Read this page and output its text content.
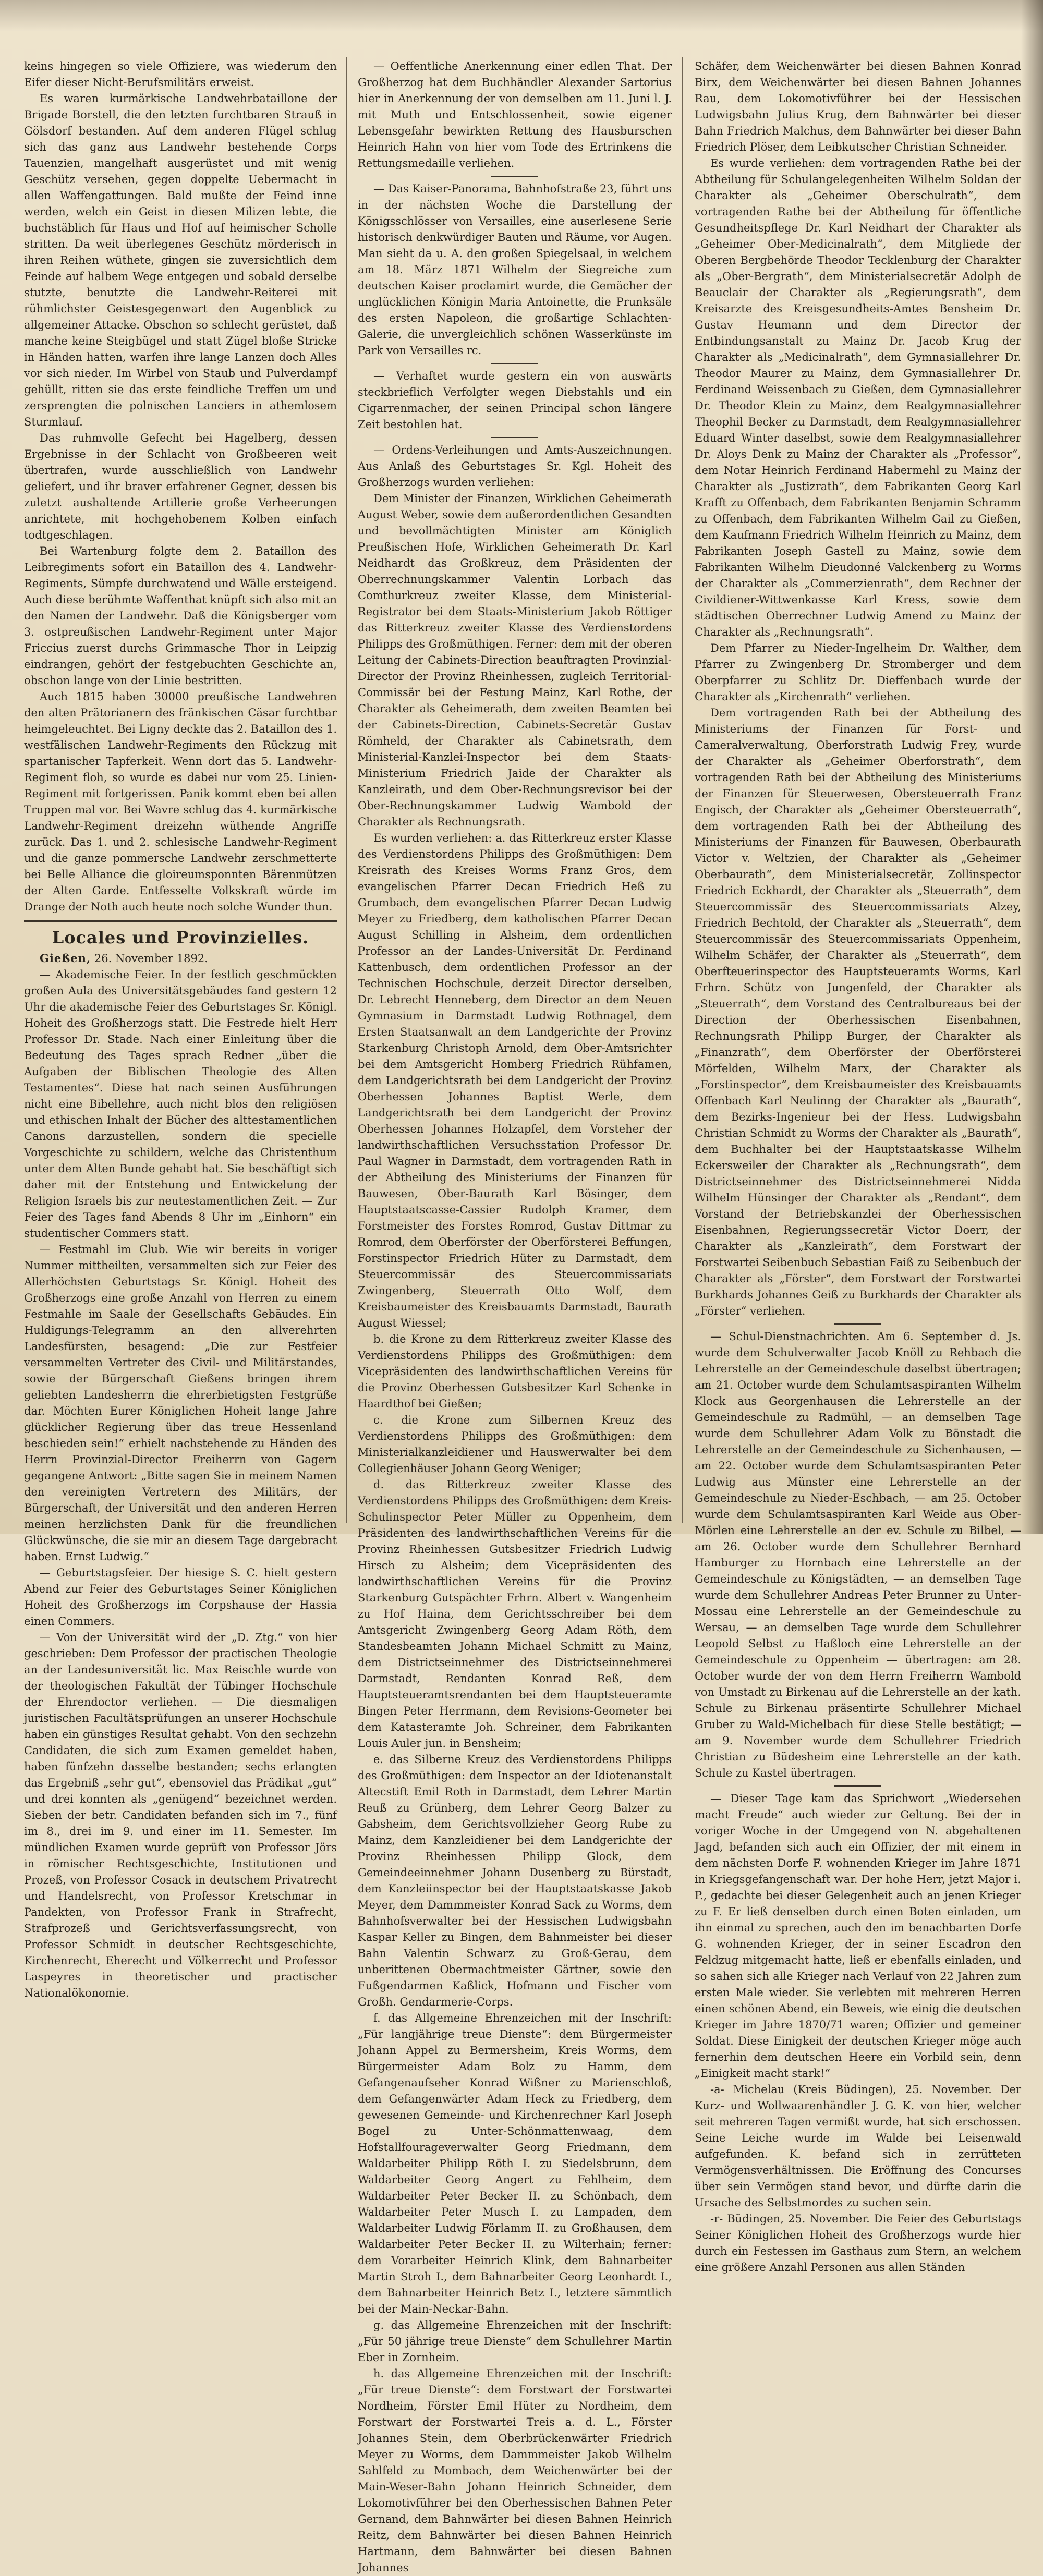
keins hingegen so viele Offiziere, was wiederum den Eifer dieser Nicht-Berufsmilitärs erweist.

Es waren kurmärkische Landwehrbataillone der Brigade Borstell, die den letzten furchtbaren Strauß in Gölsdorf bestanden. Auf dem anderen Flügel schlug sich das ganz aus Landwehr bestehende Corps Tauenzien, mangelhaft ausgerüstet und mit wenig Geschütz versehen, gegen doppelte Uebermacht in allen Waffengattungen. Bald mußte der Feind inne werden, welch ein Geist in diesen Milizen lebte, die buchstäblich für Haus und Hof auf heimischer Scholle stritten. Da weit überlegenes Geschütz mörderisch in ihren Reihen wüthete, gingen sie zuversichtlich dem Feinde auf halbem Wege entgegen und sobald derselbe stutzte, benutzte die Landwehr-Reiterei mit rühmlichster Geistesgegenwart den Augenblick zu allgemeiner Attacke. Obschon so schlecht gerüstet, daß manche keine Steigbügel und statt Zügel bloße Stricke in Händen hatten, warfen ihre lange Lanzen doch Alles vor sich nieder. Im Wirbel von Staub und Pulverdampf gehüllt, ritten sie das erste feindliche Treffen um und zersprengten die polnischen Lanciers in athemlosem Sturmlauf.

Das ruhmvolle Gefecht bei Hagelberg, dessen Ergebnisse in der Schlacht von Großbeeren weit übertrafen, wurde ausschließlich von Landwehr geliefert, und ihr braver erfahrener Gegner, dessen bis zuletzt aushaltende Artillerie große Verheerungen anrichtete, mit hochgehobenem Kolben einfach todtgeschlagen.

Bei Wartenburg folgte dem 2. Bataillon des Leibregiments sofort ein Bataillon des 4. Landwehr-Regiments, Sümpfe durchwatend und Wälle ersteigend. Auch diese berühmte Waffenthat knüpft sich also mit an den Namen der Landwehr. Daß die Königsberger vom 3. ostpreußischen Landwehr-Regiment unter Major Friccius zuerst durchs Grimmasche Thor in Leipzig eindrangen, gehört der festgebuchten Geschichte an, obschon lange von der Linie bestritten.

Auch 1815 haben 30000 preußische Landwehren den alten Prätorianern des fränkischen Cäsar furchtbar heimgeleuchtet. Bei Ligny deckte das 2. Bataillon des 1. westfälischen Landwehr-Regiments den Rückzug mit spartanischer Tapferkeit. Wenn dort das 5. Landwehr-Regiment floh, so wurde es dabei nur vom 25. Linien-Regiment mit fortgerissen. Panik kommt eben bei allen Truppen mal vor. Bei Wavre schlug das 4. kurmärkische Landwehr-Regiment dreizehn wüthende Angriffe zurück. Das 1. und 2. schlesische Landwehr-Regiment und die ganze pommersche Landwehr zerschmetterte bei Belle Alliance die gloireumsponnten Bärenmützen der Alten Garde. Entfesselte Volkskraft würde im Drange der Noth auch heute noch solche Wunder thun.

Locales und Provinzielles.

Gießen, 26. November 1892.

— Akademische Feier. In der festlich geschmückten großen Aula des Universitätsgebäudes fand gestern 12 Uhr die akademische Feier des Geburtstages Sr. Königl. Hoheit des Großherzogs statt. Die Festrede hielt Herr Professor Dr. Stade. Nach einer Einleitung über die Bedeutung des Tages sprach Redner „über die Aufgaben der Biblischen Theologie des Alten Testamentes“. Diese hat nach seinen Ausführungen nicht eine Bibellehre, auch nicht blos den religiösen und ethischen Inhalt der Bücher des alttestamentlichen Canons darzustellen, sondern die specielle Vorgeschichte zu schildern, welche das Christenthum unter dem Alten Bunde gehabt hat. Sie beschäftigt sich daher mit der Entstehung und Entwickelung der Religion Israels bis zur neutestamentlichen Zeit. — Zur Feier des Tages fand Abends 8 Uhr im „Einhorn“ ein studentischer Commers statt.

— Festmahl im Club. Wie wir bereits in voriger Nummer mittheilten, versammelten sich zur Feier des Allerhöchsten Geburtstags Sr. Königl. Hoheit des Großherzogs eine große Anzahl von Herren zu einem Festmahle im Saale der Gesellschafts Gebäudes. Ein Huldigungs-Telegramm an den allverehrten Landesfürsten, besagend: „Die zur Festfeier versammelten Vertreter des Civil- und Militärstandes, sowie der Bürgerschaft Gießens bringen ihrem geliebten Landesherrn die ehrerbietigsten Festgrüße dar. Möchten Eurer Königlichen Hoheit lange Jahre glücklicher Regierung über das treue Hessenland beschieden sein!“ erhielt nachstehende zu Händen des Herrn Provinzial-Director Freiherrn von Gagern gegangene Antwort: „Bitte sagen Sie in meinem Namen den vereinigten Vertretern des Militärs, der Bürgerschaft, der Universität und den anderen Herren meinen herzlichsten Dank für die freundlichen Glückwünsche, die sie mir an diesem Tage dargebracht haben. Ernst Ludwig.“

— Geburtstagsfeier. Der hiesige S. C. hielt gestern Abend zur Feier des Geburtstages Seiner Königlichen Hoheit des Großherzogs im Corpshause der Hassia einen Commers.

— Von der Universität wird der „D. Ztg.“ von hier geschrieben: Dem Professor der practischen Theologie an der Landesuniversität lic. Max Reischle wurde von der theologischen Fakultät der Tübinger Hochschule der Ehrendoctor verliehen. — Die diesmaligen juristischen Facultätsprüfungen an unserer Hochschule haben ein günstiges Resultat gehabt. Von den sechzehn Candidaten, die sich zum Examen gemeldet haben, haben fünfzehn dasselbe bestanden; sechs erlangten das Ergebniß „sehr gut“, ebensoviel das Prädikat „gut“ und drei konnten als „genügend“ bezeichnet werden. Sieben der betr. Candidaten befanden sich im 7., fünf im 8., drei im 9. und einer im 11. Semester. Im mündlichen Examen wurde geprüft von Professor Jörs in römischer Rechtsgeschichte, Institutionen und Prozeß, von Professor Cosack in deutschem Privatrecht und Handelsrecht, von Professor Kretschmar in Pandekten, von Professor Frank in Strafrecht, Strafprozeß und Gerichtsverfassungsrecht, von Professor Schmidt in deutscher Rechtsgeschichte, Kirchenrecht, Eherecht und Völkerrecht und Professor Laspeyres in theoretischer und practischer Nationalökonomie.

— Oeffentliche Anerkennung einer edlen That. Der Großherzog hat dem Buchhändler Alexander Sartorius hier in Anerkennung der von demselben am 11. Juni l. J. mit Muth und Entschlossenheit, sowie eigener Lebensgefahr bewirkten Rettung des Hausburschen Heinrich Hahn von hier vom Tode des Ertrinkens die Rettungsmedaille verliehen.

— Das Kaiser-Panorama, Bahnhofstraße 23, führt uns in der nächsten Woche die Darstellung der Königsschlösser von Versailles, eine auserlesene Serie historisch denkwürdiger Bauten und Räume, vor Augen. Man sieht da u. A. den großen Spiegelsaal, in welchem am 18. März 1871 Wilhelm der Siegreiche zum deutschen Kaiser proclamirt wurde, die Gemächer der unglücklichen Königin Maria Antoinette, die Prunksäle des ersten Napoleon, die großartige Schlachten-Galerie, die unvergleichlich schönen Wasserkünste im Park von Versailles rc.

— Verhaftet wurde gestern ein von auswärts steckbrieflich Verfolgter wegen Diebstahls und ein Cigarrenmacher, der seinen Principal schon längere Zeit bestohlen hat.

— Ordens-Verleihungen und Amts-Auszeichnungen. Aus Anlaß des Geburtstages Sr. Kgl. Hoheit des Großherzogs wurden verliehen:

Dem Minister der Finanzen, Wirklichen Geheimerath August Weber, sowie dem außerordentlichen Gesandten und bevollmächtigten Minister am Königlich Preußischen Hofe, Wirklichen Geheimerath Dr. Karl Neidhardt das Großkreuz, dem Präsidenten der Oberrechnungskammer Valentin Lorbach das Comthurkreuz zweiter Klasse, dem Ministerial-Registrator bei dem Staats-Ministerium Jakob Röttiger das Ritterkreuz zweiter Klasse des Verdienstordens Philipps des Großmüthigen. Ferner: dem mit der oberen Leitung der Cabinets-Direction beauftragten Provinzial-Director der Provinz Rheinhessen, zugleich Territorial-Commissär bei der Festung Mainz, Karl Rothe, der Charakter als Geheimerath, dem zweiten Beamten bei der Cabinets-Direction, Cabinets-Secretär Gustav Römheld, der Charakter als Cabinetsrath, dem Ministerial-Kanzlei-Inspector bei dem Staats-Ministerium Friedrich Jaide der Charakter als Kanzleirath, und dem Ober-Rechnungsrevisor bei der Ober-Rechnungskammer Ludwig Wambold der Charakter als Rechnungsrath.

Es wurden verliehen: a. das Ritterkreuz erster Klasse des Verdienstordens Philipps des Großmüthigen: Dem Kreisrath des Kreises Worms Franz Gros, dem evangelischen Pfarrer Decan Friedrich Heß zu Grumbach, dem evangelischen Pfarrer Decan Ludwig Meyer zu Friedberg, dem katholischen Pfarrer Decan August Schilling in Alsheim, dem ordentlichen Professor an der Landes-Universität Dr. Ferdinand Kattenbusch, dem ordentlichen Professor an der Technischen Hochschule, derzeit Director derselben, Dr. Lebrecht Henneberg, dem Director an dem Neuen Gymnasium in Darmstadt Ludwig Rothnagel, dem Ersten Staatsanwalt an dem Landgerichte der Provinz Starkenburg Christoph Arnold, dem Ober-Amtsrichter bei dem Amtsgericht Homberg Friedrich Rühfamen, dem Landgerichtsrath bei dem Landgericht der Provinz Oberhessen Johannes Baptist Werle, dem Landgerichtsrath bei dem Landgericht der Provinz Oberhessen Johannes Holzapfel, dem Vorsteher der landwirthschaftlichen Versuchsstation Professor Dr. Paul Wagner in Darmstadt, dem vortragenden Rath in der Abtheilung des Ministeriums der Finanzen für Bauwesen, Ober-Baurath Karl Bösinger, dem Hauptstaatscasse-Cassier Rudolph Kramer, dem Forstmeister des Forstes Romrod, Gustav Dittmar zu Romrod, dem Oberförster der Oberförsterei Beffungen, Forstinspector Friedrich Hüter zu Darmstadt, dem Steuercommissär des Steuercommissariats Zwingenberg, Steuerrath Otto Wolf, dem Kreisbaumeister des Kreisbauamts Darmstadt, Baurath August Wiessel;

b. die Krone zu dem Ritterkreuz zweiter Klasse des Verdienstordens Philipps des Großmüthigen: dem Vicepräsidenten des landwirthschaftlichen Vereins für die Provinz Oberhessen Gutsbesitzer Karl Schenke in Haardthof bei Gießen;

c. die Krone zum Silbernen Kreuz des Verdienstordens Philipps des Großmüthigen: dem Ministerialkanzleidiener und Hauswerwalter bei dem Collegienhäuser Johann Georg Weniger;

d. das Ritterkreuz zweiter Klasse des Verdienstordens Philipps des Großmüthigen: dem Kreis-Schulinspector Peter Müller zu Oppenheim, dem Präsidenten des landwirthschaftlichen Vereins für die Provinz Rheinhessen Gutsbesitzer Friedrich Ludwig Hirsch zu Alsheim; dem Vicepräsidenten des landwirthschaftlichen Vereins für die Provinz Starkenburg Gutspächter Frhrn. Albert v. Wangenheim zu Hof Haina, dem Gerichtsschreiber bei dem Amtsgericht Zwingenberg Georg Adam Röth, dem Standesbeamten Johann Michael Schmitt zu Mainz, dem Districtseinnehmer des Districtseinnehmerei Darmstadt, Rendanten Konrad Reß, dem Hauptsteueramtsrendanten bei dem Hauptsteueramte Bingen Peter Herrmann, dem Revisions-Geometer bei dem Katasteramte Joh. Schreiner, dem Fabrikanten Louis Auler jun. in Bensheim;

e. das Silberne Kreuz des Verdienstordens Philipps des Großmüthigen: dem Inspector an der Idiotenanstalt Altecstift Emil Roth in Darmstadt, dem Lehrer Martin Reuß zu Grünberg, dem Lehrer Georg Balzer zu Gabsheim, dem Gerichtsvollzieher Georg Rube zu Mainz, dem Kanzleidiener bei dem Landgerichte der Provinz Rheinhessen Philipp Glock, dem Gemeindeeinnehmer Johann Dusenberg zu Bürstadt, dem Kanzleiinspector bei der Hauptstaatskasse Jakob Meyer, dem Dammmeister Konrad Sack zu Worms, dem Bahnhofsverwalter bei der Hessischen Ludwigsbahn Kaspar Keller zu Bingen, dem Bahnmeister bei dieser Bahn Valentin Schwarz zu Groß-Gerau, dem unberittenen Obermachtmeister Gärtner, sowie den Fußgendarmen Kaßlick, Hofmann und Fischer vom Großh. Gendarmerie-Corps.

f. das Allgemeine Ehrenzeichen mit der Inschrift: „Für langjährige treue Dienste“: dem Bürgermeister Johann Appel zu Bermersheim, Kreis Worms, dem Bürgermeister Adam Bolz zu Hamm, dem Gefangenaufseher Konrad Wißner zu Marienschloß, dem Gefangenwärter Adam Heck zu Friedberg, dem gewesenen Gemeinde- und Kirchenrechner Karl Joseph Bogel zu Unter-Schönmattenwaag, dem Hofstallfourageverwalter Georg Friedmann, dem Waldarbeiter Philipp Röth I. zu Siedelsbrunn, dem Waldarbeiter Georg Angert zu Fehlheim, dem Waldarbeiter Peter Becker II. zu Schönbach, dem Waldarbeiter Peter Musch I. zu Lampaden, dem Waldarbeiter Ludwig Förlamm II. zu Großhausen, dem Waldarbeiter Peter Becker II. zu Wilterhain; ferner: dem Vorarbeiter Heinrich Klink, dem Bahnarbeiter Martin Stroh I., dem Bahnarbeiter Georg Leonhardt I., dem Bahnarbeiter Heinrich Betz I., letztere sämmtlich bei der Main-Neckar-Bahn.

g. das Allgemeine Ehrenzeichen mit der Inschrift: „Für 50 jährige treue Dienste“ dem Schullehrer Martin Eber in Zornheim.

h. das Allgemeine Ehrenzeichen mit der Inschrift: „Für treue Dienste“: dem Forstwart der Forstwartei Nordheim, Förster Emil Hüter zu Nordheim, dem Forstwart der Forstwartei Treis a. d. L., Förster Johannes Stein, dem Oberbrückenwärter Friedrich Meyer zu Worms, dem Dammmeister Jakob Wilhelm Sahlfeld zu Mombach, dem Weichenwärter bei der Main-Weser-Bahn Johann Heinrich Schneider, dem Lokomotivführer bei den Oberhessischen Bahnen Peter Gernand, dem Bahnwärter bei diesen Bahnen Heinrich Reitz, dem Bahnwärter bei diesen Bahnen Heinrich Hartmann, dem Bahnwärter bei diesen Bahnen Johannes

Schäfer, dem Weichenwärter bei diesen Bahnen Konrad Birx, dem Weichenwärter bei diesen Bahnen Johannes Rau, dem Lokomotivführer bei der Hessischen Ludwigsbahn Julius Krug, dem Bahnwärter bei dieser Bahn Friedrich Malchus, dem Bahnwärter bei dieser Bahn Friedrich Plöser, dem Leibkutscher Christian Schneider.

Es wurde verliehen: dem vortragenden Rathe bei der Abtheilung für Schulangelegenheiten Wilhelm Soldan der Charakter als „Geheimer Oberschulrath“, dem vortragenden Rathe bei der Abtheilung für öffentliche Gesundheitspflege Dr. Karl Neidhart der Charakter als „Geheimer Ober-Medicinalrath“, dem Mitgliede der Oberen Bergbehörde Theodor Tecklenburg der Charakter als „Ober-Bergrath“, dem Ministerialsecretär Adolph de Beauclair der Charakter als „Regierungsrath“, dem Kreisarzte des Kreisgesundheits-Amtes Bensheim Dr. Gustav Heumann und dem Director der Entbindungsanstalt zu Mainz Dr. Jacob Krug der Charakter als „Medicinalrath“, dem Gymnasiallehrer Dr. Theodor Maurer zu Mainz, dem Gymnasiallehrer Dr. Ferdinand Weissenbach zu Gießen, dem Gymnasiallehrer Dr. Theodor Klein zu Mainz, dem Realgymnasiallehrer Theophil Becker zu Darmstadt, dem Realgymnasiallehrer Eduard Winter daselbst, sowie dem Realgymnasiallehrer Dr. Aloys Denk zu Mainz der Charakter als „Professor“, dem Notar Heinrich Ferdinand Habermehl zu Mainz der Charakter als „Justizrath“, dem Fabrikanten Georg Karl Krafft zu Offenbach, dem Fabrikanten Benjamin Schramm zu Offenbach, dem Fabrikanten Wilhelm Gail zu Gießen, dem Kaufmann Friedrich Wilhelm Heinrich zu Mainz, dem Fabrikanten Joseph Gastell zu Mainz, sowie dem Fabrikanten Wilhelm Dieudonné Valckenberg zu Worms der Charakter als „Commerzienrath“, dem Rechner der Civildiener-Wittwenkasse Karl Kress, sowie dem städtischen Oberrechner Ludwig Amend zu Mainz der Charakter als „Rechnungsrath“.

Dem Pfarrer zu Nieder-Ingelheim Dr. Walther, dem Pfarrer zu Zwingenberg Dr. Stromberger und dem Oberpfarrer zu Schlitz Dr. Dieffenbach wurde der Charakter als „Kirchenrath“ verliehen.

Dem vortragenden Rath bei der Abtheilung des Ministeriums der Finanzen für Forst- und Cameralverwaltung, Oberforstrath Ludwig Frey, wurde der Charakter als „Geheimer Oberforstrath“, dem vortragenden Rath bei der Abtheilung des Ministeriums der Finanzen für Steuerwesen, Obersteuerrath Franz Engisch, der Charakter als „Geheimer Obersteuerrath“, dem vortragenden Rath bei der Abtheilung des Ministeriums der Finanzen für Bauwesen, Oberbaurath Victor v. Weltzien, der Charakter als „Geheimer Oberbaurath“, dem Ministerialsecretär, Zollinspector Friedrich Eckhardt, der Charakter als „Steuerrath“, dem Steuercommissär des Steuercommissariats Alzey, Friedrich Bechtold, der Charakter als „Steuerrath“, dem Steuercommissär des Steuercommissariats Oppenheim, Wilhelm Schäfer, der Charakter als „Steuerrath“, dem Oberfteuerinspector des Hauptsteueramts Worms, Karl Frhrn. Schütz von Jungenfeld, der Charakter als „Steuerrath“, dem Vorstand des Centralbureaus bei der Direction der Oberhessischen Eisenbahnen, Rechnungsrath Philipp Burger, der Charakter als „Finanzrath“, dem Oberförster der Oberförsterei Mörfelden, Wilhelm Marx, der Charakter als „Forstinspector“, dem Kreisbaumeister des Kreisbauamts Offenbach Karl Neulinng der Charakter als „Baurath“, dem Bezirks-Ingenieur bei der Hess. Ludwigsbahn Christian Schmidt zu Worms der Charakter als „Baurath“, dem Buchhalter bei der Hauptstaatskasse Wilhelm Eckersweiler der Charakter als „Rechnungsrath“, dem Districtseinnehmer des Districtseinnehmerei Nidda Wilhelm Hünsinger der Charakter als „Rendant“, dem Vorstand der Betriebskanzlei der Oberhessischen Eisenbahnen, Regierungssecretär Victor Doerr, der Charakter als „Kanzleirath“, dem Forstwart der Forstwartei Seibenbuch Sebastian Faiß zu Seibenbuch der Charakter als „Förster“, dem Forstwart der Forstwartei Burkhards Johannes Geiß zu Burkhards der Charakter als „Förster“ verliehen.

— Schul-Dienstnachrichten. Am 6. September d. Js. wurde dem Schulverwalter Jacob Knöll zu Rehbach die Lehrerstelle an der Gemeindeschule daselbst übertragen; am 21. October wurde dem Schulamtsaspiranten Wilhelm Klock aus Georgenhausen die Lehrerstelle an der Gemeindeschule zu Radmühl, — an demselben Tage wurde dem Schullehrer Adam Volk zu Bönstadt die Lehrerstelle an der Gemeindeschule zu Sichenhausen, — am 22. October wurde dem Schulamtsaspiranten Peter Ludwig aus Münster eine Lehrerstelle an der Gemeindeschule zu Nieder-Eschbach, — am 25. October wurde dem Schulamtsaspiranten Karl Weide aus Ober-Mörlen eine Lehrerstelle an der ev. Schule zu Bilbel, — am 26. October wurde dem Schullehrer Bernhard Hamburger zu Hornbach eine Lehrerstelle an der Gemeindeschule zu Königstädten, — an demselben Tage wurde dem Schullehrer Andreas Peter Brunner zu Unter-Mossau eine Lehrerstelle an der Gemeindeschule zu Wersau, — an demselben Tage wurde dem Schullehrer Leopold Selbst zu Haßloch eine Lehrerstelle an der Gemeindeschule zu Oppenheim — übertragen: am 28. October wurde der von dem Herrn Freiherrn Wambold von Umstadt zu Birkenau auf die Lehrerstelle an der kath. Schule zu Birkenau präsentirte Schullehrer Michael Gruber zu Wald-Michelbach für diese Stelle bestätigt; — am 9. November wurde dem Schullehrer Friedrich Christian zu Büdesheim eine Lehrerstelle an der kath. Schule zu Kastel übertragen.

— Dieser Tage kam das Sprichwort „Wiedersehen macht Freude“ auch wieder zur Geltung. Bei der in voriger Woche in der Umgegend von N. abgehaltenen Jagd, befanden sich auch ein Offizier, der mit einem in dem nächsten Dorfe F. wohnenden Krieger im Jahre 1871 in Kriegsgefangenschaft war. Der hohe Herr, jetzt Major i. P., gedachte bei dieser Gelegenheit auch an jenen Krieger zu F. Er ließ denselben durch einen Boten einladen, um ihn einmal zu sprechen, auch den im benachbarten Dorfe G. wohnenden Krieger, der in seiner Escadron den Feldzug mitgemacht hatte, ließ er ebenfalls einladen, und so sahen sich alle Krieger nach Verlauf von 22 Jahren zum ersten Male wieder. Sie verlebten mit mehreren Herren einen schönen Abend, ein Beweis, wie einig die deutschen Krieger im Jahre 1870/71 waren; Offizier und gemeiner Soldat. Diese Einigkeit der deutschen Krieger möge auch fernerhin dem deutschen Heere ein Vorbild sein, denn „Einigkeit macht stark!“

-a- Michelau (Kreis Büdingen), 25. November. Der Kurz- und Wollwaarenhändler J. G. K. von hier, welcher seit mehreren Tagen vermißt wurde, hat sich erschossen. Seine Leiche wurde im Walde bei Leisenwald aufgefunden. K. befand sich in zerrütteten Vermögensverhältnissen. Die Eröffnung des Concurses über sein Vermögen stand bevor, und dürfte darin die Ursache des Selbstmordes zu suchen sein.

-r- Büdingen, 25. November. Die Feier des Geburtstags Seiner Königlichen Hoheit des Großherzogs wurde hier durch ein Festessen im Gasthaus zum Stern, an welchem eine größere Anzahl Personen aus allen Ständen
